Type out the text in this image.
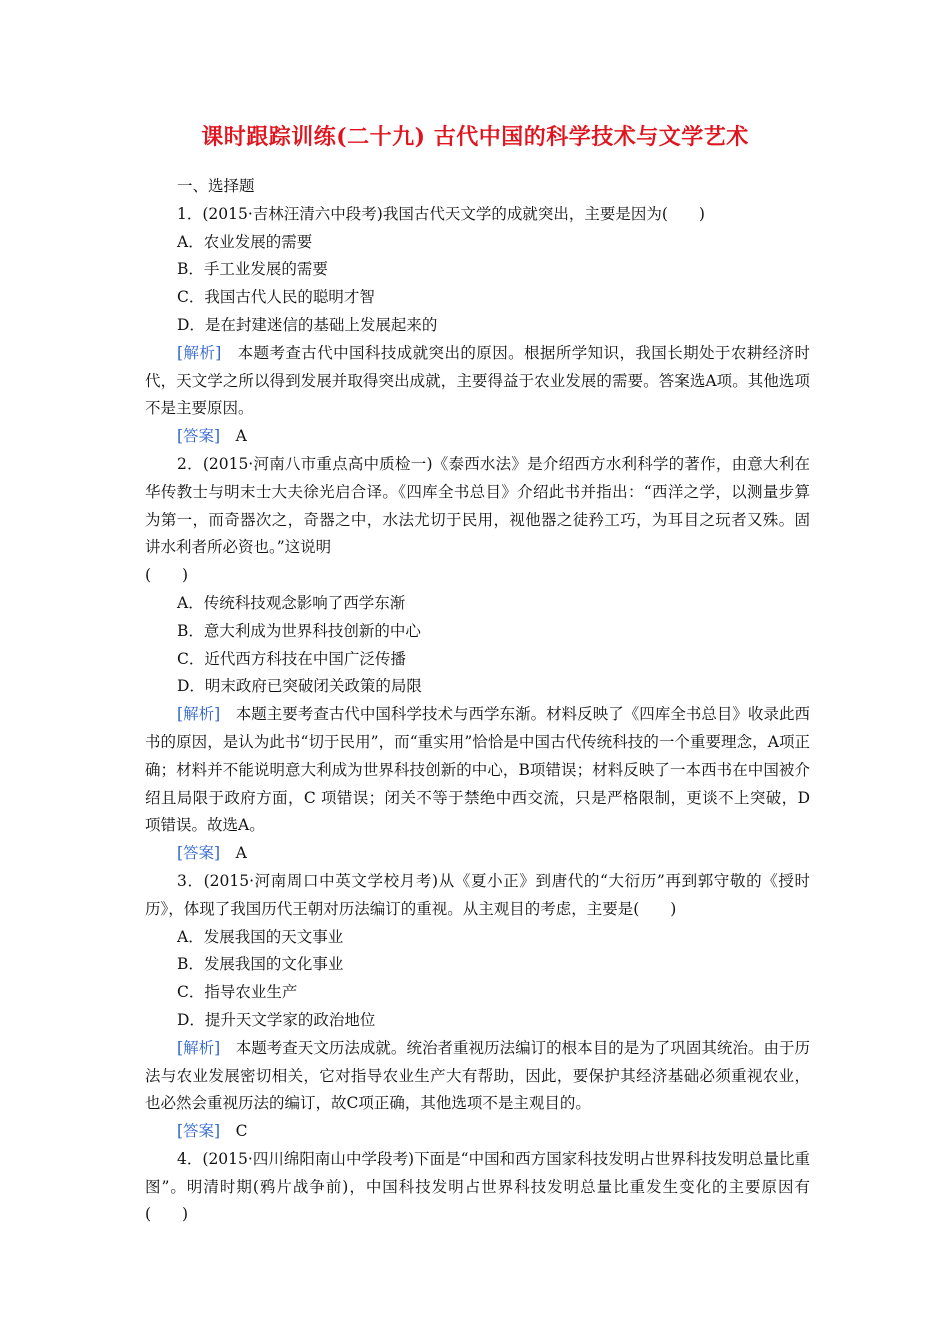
课时跟踪训练(二十九) 古代中国的科学技术与文学艺术

一、选择题

1．(2015·吉林汪清六中段考)我国古代天文学的成就突出，主要是因为(　　)

A．农业发展的需要

B．手工业发展的需要

C．我国古代人民的聪明才智

D．是在封建迷信的基础上发展起来的

[解析]　本题考查古代中国科技成就突出的原因。根据所学知识，我国长期处于农耕经济时代，天文学之所以得到发展并取得突出成就，主要得益于农业发展的需要。答案选A项。其他选项不是主要原因。

[答案]　A

2．(2015·河南八市重点高中质检一)《泰西水法》是介绍西方水利科学的著作，由意大利在华传教士与明末士大夫徐光启合译。《四库全书总目》介绍此书并指出：“西洋之学，以测量步算为第一，而奇器次之，奇器之中，水法尤切于民用，视他器之徒矜工巧，为耳目之玩者又殊。固讲水利者所必资也。”这说明

(　　)

A．传统科技观念影响了西学东渐

B．意大利成为世界科技创新的中心

C．近代西方科技在中国广泛传播

D．明末政府已突破闭关政策的局限

[解析]　本题主要考查古代中国科学技术与西学东渐。材料反映了《四库全书总目》收录此西书的原因，是认为此书“切于民用”，而“重实用”恰恰是中国古代传统科技的一个重要理念，A项正确；材料并不能说明意大利成为世界科技创新的中心，B项错误；材料反映了一本西书在中国被介绍且局限于政府方面，C 项错误；闭关不等于禁绝中西交流，只是严格限制，更谈不上突破，D 项错误。故选A。

[答案]　A

3．(2015·河南周口中英文学校月考)从《夏小正》到唐代的“大衍历”再到郭守敬的《授时历》，体现了我国历代王朝对历法编订的重视。从主观目的考虑，主要是(　　)

A．发展我国的天文事业

B．发展我国的文化事业

C．指导农业生产

D．提升天文学家的政治地位

[解析]　本题考查天文历法成就。统治者重视历法编订的根本目的是为了巩固其统治。由于历法与农业发展密切相关，它对指导农业生产大有帮助，因此，要保护其经济基础必须重视农业，也必然会重视历法的编订，故C项正确，其他选项不是主观目的。

[答案]　C

4．(2015·四川绵阳南山中学段考)下面是“中国和西方国家科技发明占世界科技发明总量比重图”。明清时期(鸦片战争前)，中国科技发明占世界科技发明总量比重发生变化的主要原因有(　　)
